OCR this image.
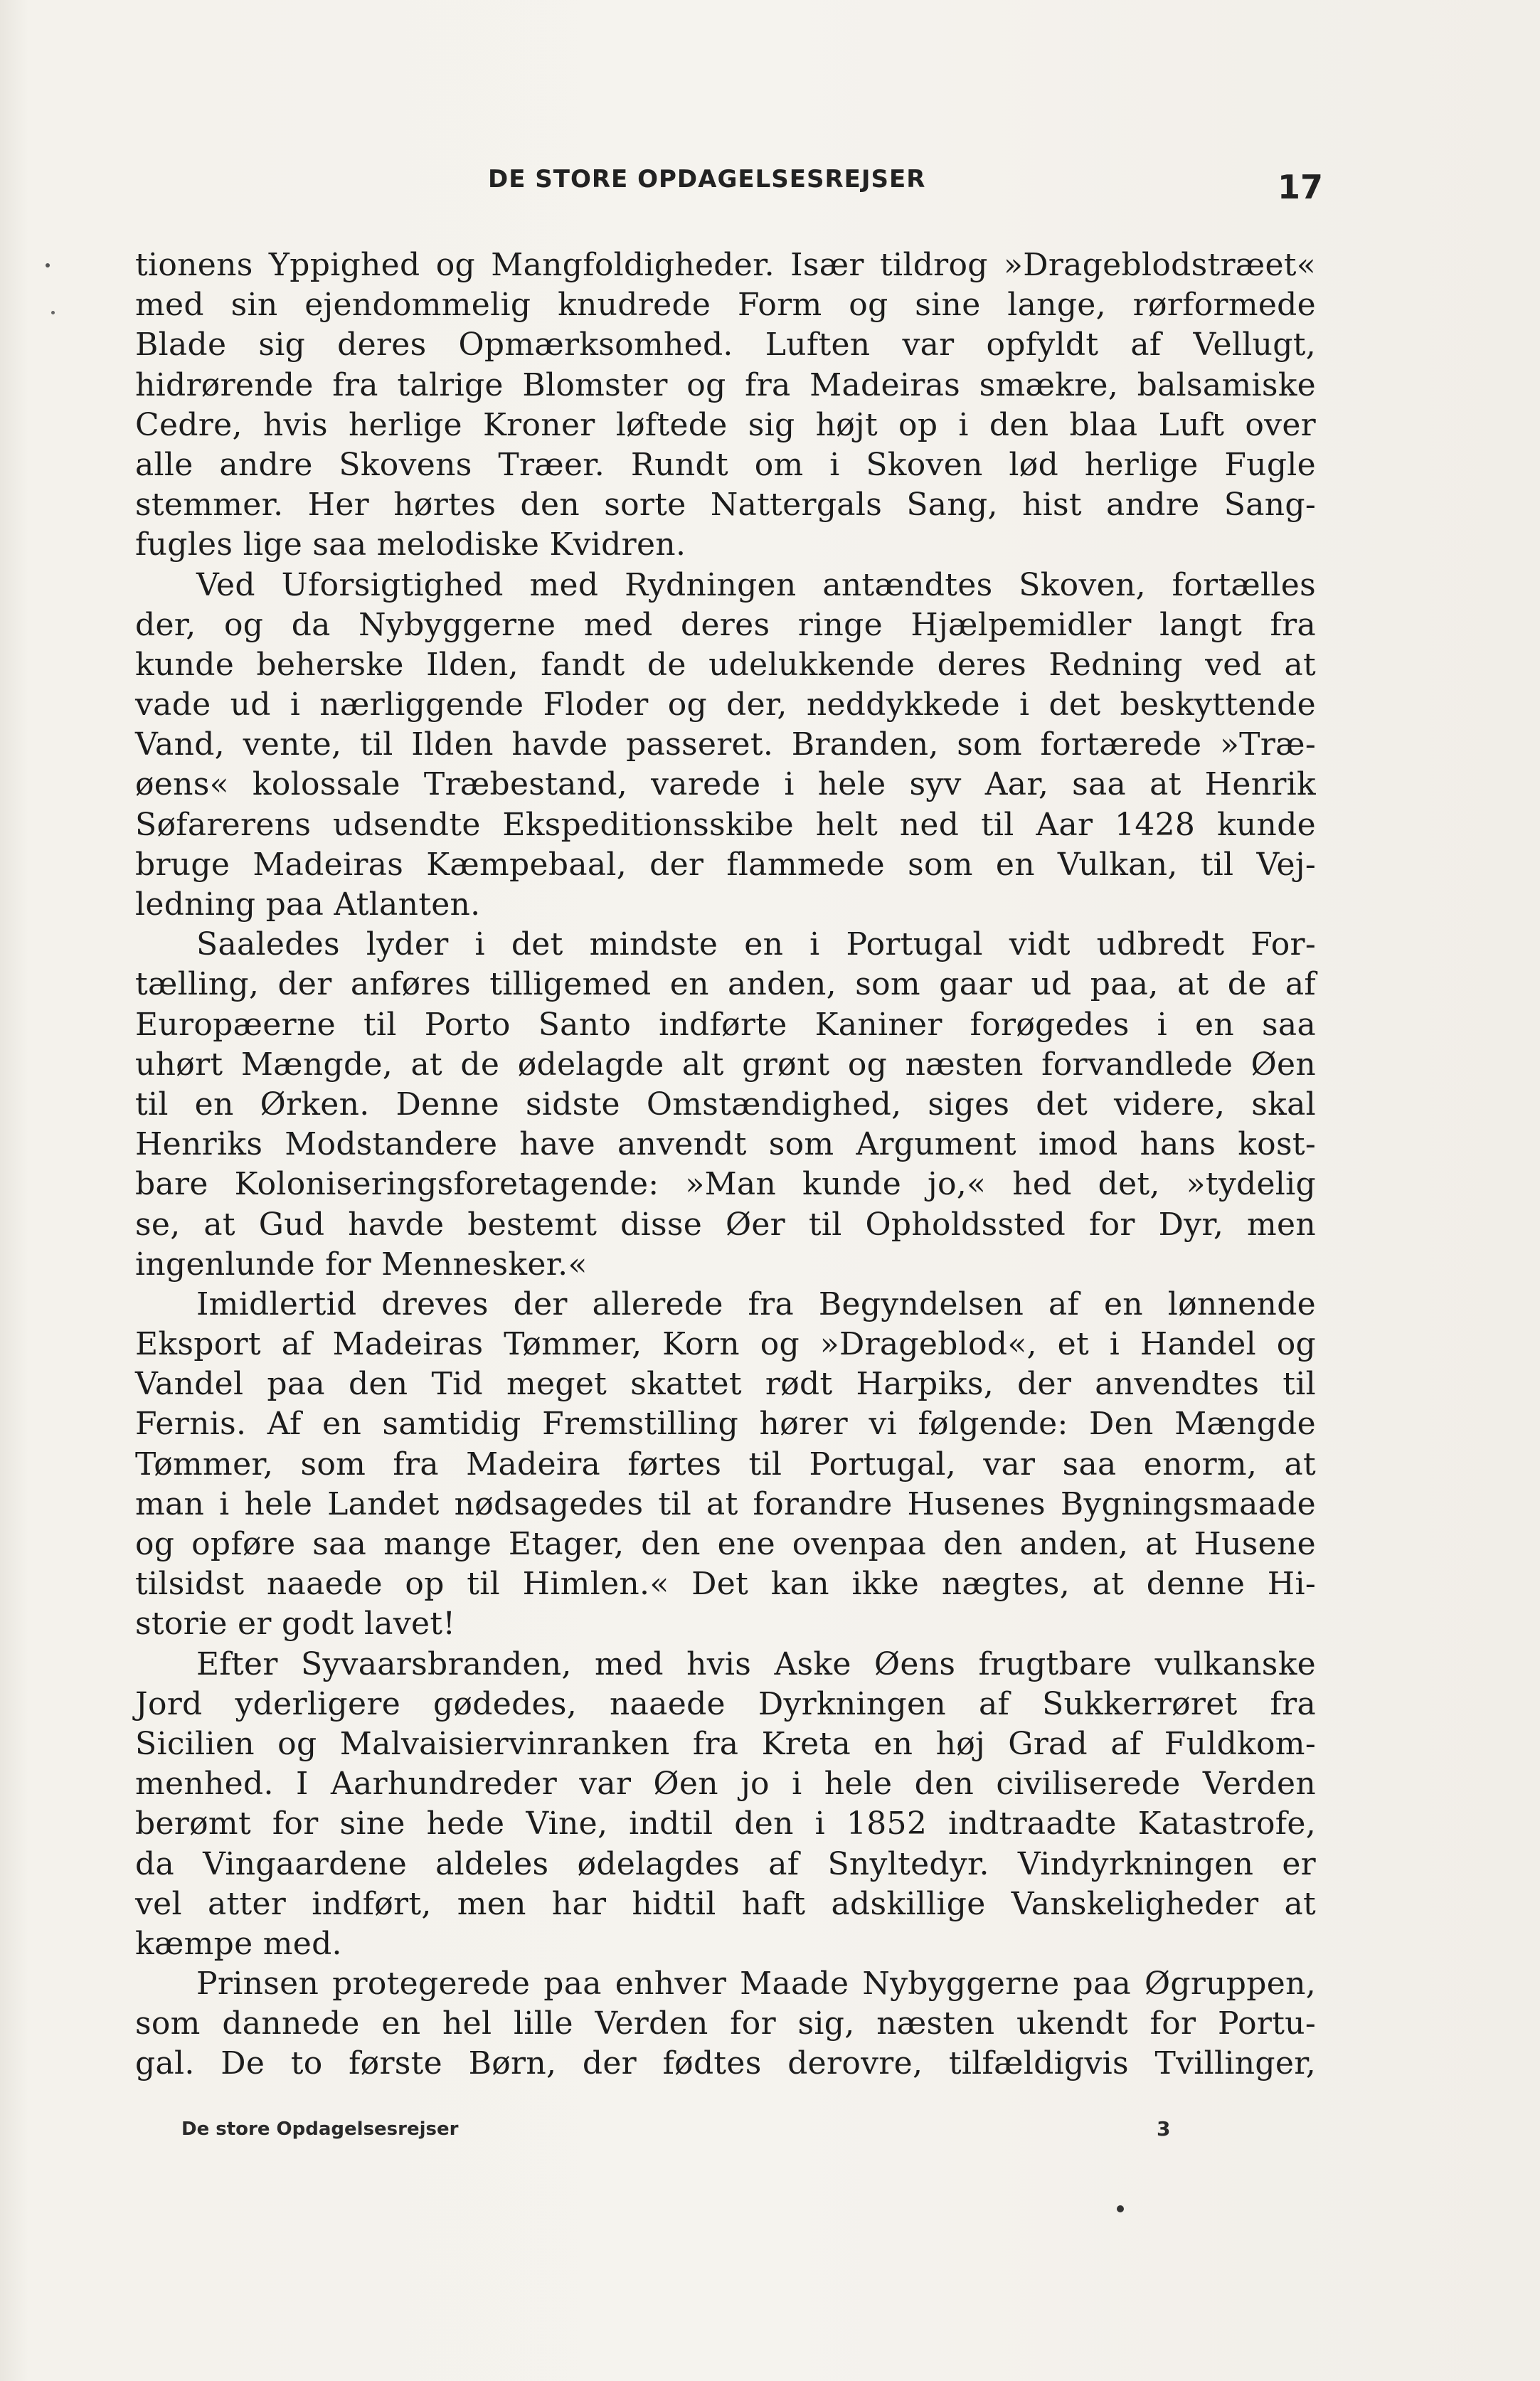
DE STORE OPDAGELSESREJSER	17
tionens Yppighed og Mangfoldigheder. Især tildrog »Drageblodstræet«
med sin ejendommelig knudrede Form og sine lange, rørformede
Blade sig deres Opmærksomhed. Luften var opfyldt af Vellugt,
hidrørende fra talrige Blomster og fra Madeiras smækre, balsamiske
Cedre, hvis herlige Kroner løftede sig højt op i den blaa Luft over
alle andre Skovens Træer. Rundt om i Skoven lød herlige Fugle
stemmer. Her hørtes den sorte Nattergals Sang, hist andre Sang-
fugles lige saa melodiske Kvidren.
Ved Uforsigtighed med Rydningen antændtes Skoven, fortælles
der, og da Nybyggerne med deres ringe Hjælpemidler langt fra
kunde beherske Ilden, fandt de udelukkende deres Redning ved at
vade ud i nærliggende Floder og der, neddykkede i det beskyttende
Vand, vente, til Ilden havde passeret. Branden, som fortærede »Træ-
øens« kolossale Træbestand, varede i hele syv Aar, saa at Henrik
Søfarerens udsendte Ekspeditionsskibe helt ned til Aar 1428 kunde
bruge Madeiras Kæmpebaal, der flammede som en Vulkan, til Vej-
ledning paa Atlanten.
Saaledes lyder i det mindste en i Portugal vidt udbredt For-
tælling, der anføres tilligemed en anden, som gaar ud paa, at de af
Europæerne til Porto Santo indførte Kaniner forøgedes i en saa
uhørt Mængde, at de ødelagde alt grønt og næsten forvandlede Øen
til en Ørken. Denne sidste Omstændighed, siges det videre, skal
Henriks Modstandere have anvendt som Argument imod hans kost-
bare Koloniseringsforetagende: »Man kunde jo,« hed det, »tydelig
se, at Gud havde bestemt disse Øer til Opholdssted for Dyr, men
ingenlunde for Mennesker.«
Imidlertid dreves der allerede fra Begyndelsen af en lønnende
Eksport af Madeiras Tømmer, Korn og »Drageblod«, et i Handel og
Vandel paa den Tid meget skattet rødt Harpiks, der anvendtes til
Fernis. Af en samtidig Fremstilling hører vi følgende: Den Mængde
Tømmer, som fra Madeira førtes til Portugal, var saa enorm, at
man i hele Landet nødsagedes til at forandre Husenes Bygningsmaade
og opføre saa mange Etager, den ene ovenpaa den anden, at Husene
tilsidst naaede op til Himlen.« Det kan ikke nægtes, at denne Hi-
storie er godt lavet!
Efter Syvaarsbranden, med hvis Aske Øens frugtbare vulkanske
Jord yderligere gødedes, naaede Dyrkningen af Sukkerrøret fra
Sicilien og Malvaisiervinranken fra Kreta en høj Grad af Fuldkom-
menhed. I Aarhundreder var Øen jo i hele den civiliserede Verden
berømt for sine hede Vine, indtil den i 1852 indtraadte Katastrofe,
da Vingaardene aldeles ødelagdes af Snyltedyr. Vindyrkningen er
vel atter indført, men har hidtil haft adskillige Vanskeligheder at
kæmpe med.
Prinsen protegerede paa enhver Maade Nybyggerne paa Øgruppen,
som dannede en hel lille Verden for sig, næsten ukendt for Portu-
gal. De to første Børn, der fødtes derovre, tilfældigvis Tvillinger,
De store Opdagelsesrejser	3
